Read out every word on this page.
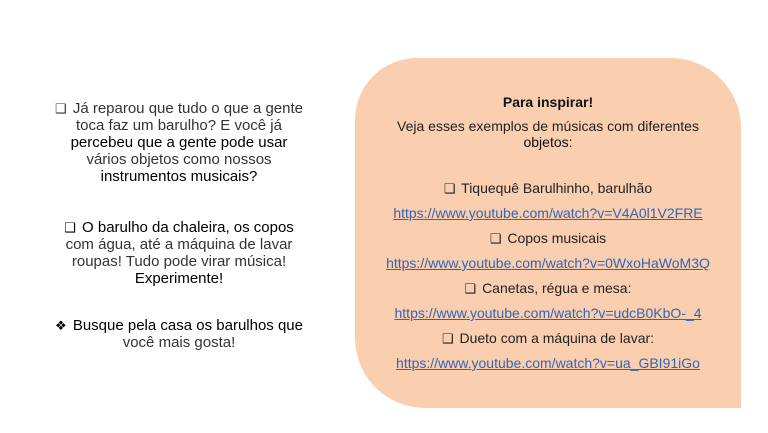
❑ Já reparou que tudo o que a gente
toca faz um barulho? E você já
percebeu que a gente pode usar
vários objetos como nossos
instrumentos musicais?
❑ O barulho da chaleira, os copos
com água, até a máquina de lavar
roupas! Tudo pode virar música!
Experimente!
❖ Busque pela casa os barulhos que
você mais gosta!
Para inspirar!
Veja esses exemplos de músicas com diferentes
objetos:
❑ Tiquequê Barulhinho, barulhão
https://www.youtube.com/watch?v=V4A0l1V2FRE
❑ Copos musicais
https://www.youtube.com/watch?v=0WxoHaWoM3Q
❑ Canetas, régua e mesa:
https://www.youtube.com/watch?v=udcB0KbO-_4
❑ Dueto com a máquina de lavar:
https://www.youtube.com/watch?v=ua_GBI91iGo
